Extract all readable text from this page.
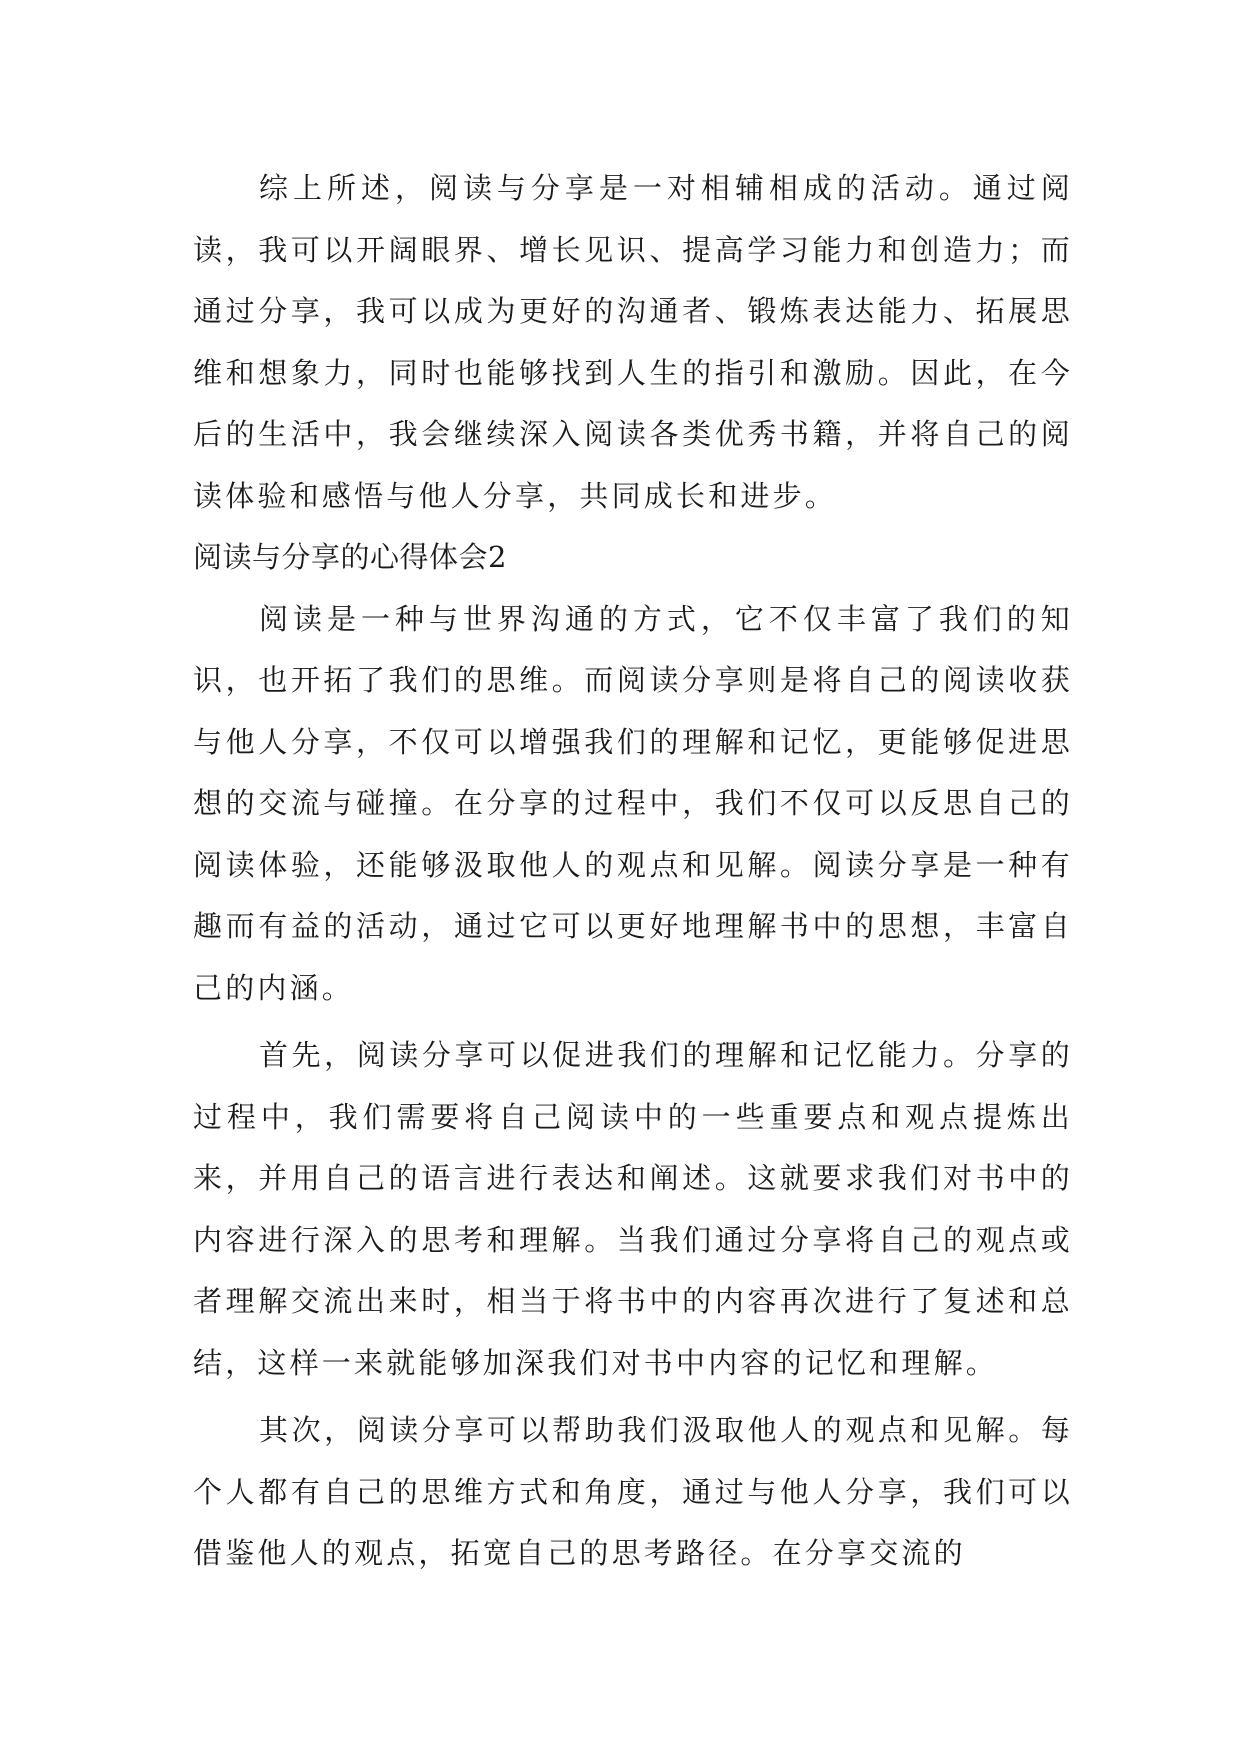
综上所述，阅读与分享是一对相辅相成的活动。通过阅读，我可以开阔眼界、增长见识、提高学习能力和创造力；而通过分享，我可以成为更好的沟通者、锻炼表达能力、拓展思维和想象力，同时也能够找到人生的指引和激励。因此，在今后的生活中，我会继续深入阅读各类优秀书籍，并将自己的阅读体验和感悟与他人分享，共同成长和进步。

阅读与分享的心得体会2

阅读是一种与世界沟通的方式，它不仅丰富了我们的知识，也开拓了我们的思维。而阅读分享则是将自己的阅读收获与他人分享，不仅可以增强我们的理解和记忆，更能够促进思想的交流与碰撞。在分享的过程中，我们不仅可以反思自己的阅读体验，还能够汲取他人的观点和见解。阅读分享是一种有趣而有益的活动，通过它可以更好地理解书中的思想，丰富自己的内涵。

首先，阅读分享可以促进我们的理解和记忆能力。分享的过程中，我们需要将自己阅读中的一些重要点和观点提炼出来，并用自己的语言进行表达和阐述。这就要求我们对书中的内容进行深入的思考和理解。当我们通过分享将自己的观点或者理解交流出来时，相当于将书中的内容再次进行了复述和总结，这样一来就能够加深我们对书中内容的记忆和理解。

其次，阅读分享可以帮助我们汲取他人的观点和见解。每个人都有自己的思维方式和角度，通过与他人分享，我们可以借鉴他人的观点，拓宽自己的思考路径。在分享交流的
